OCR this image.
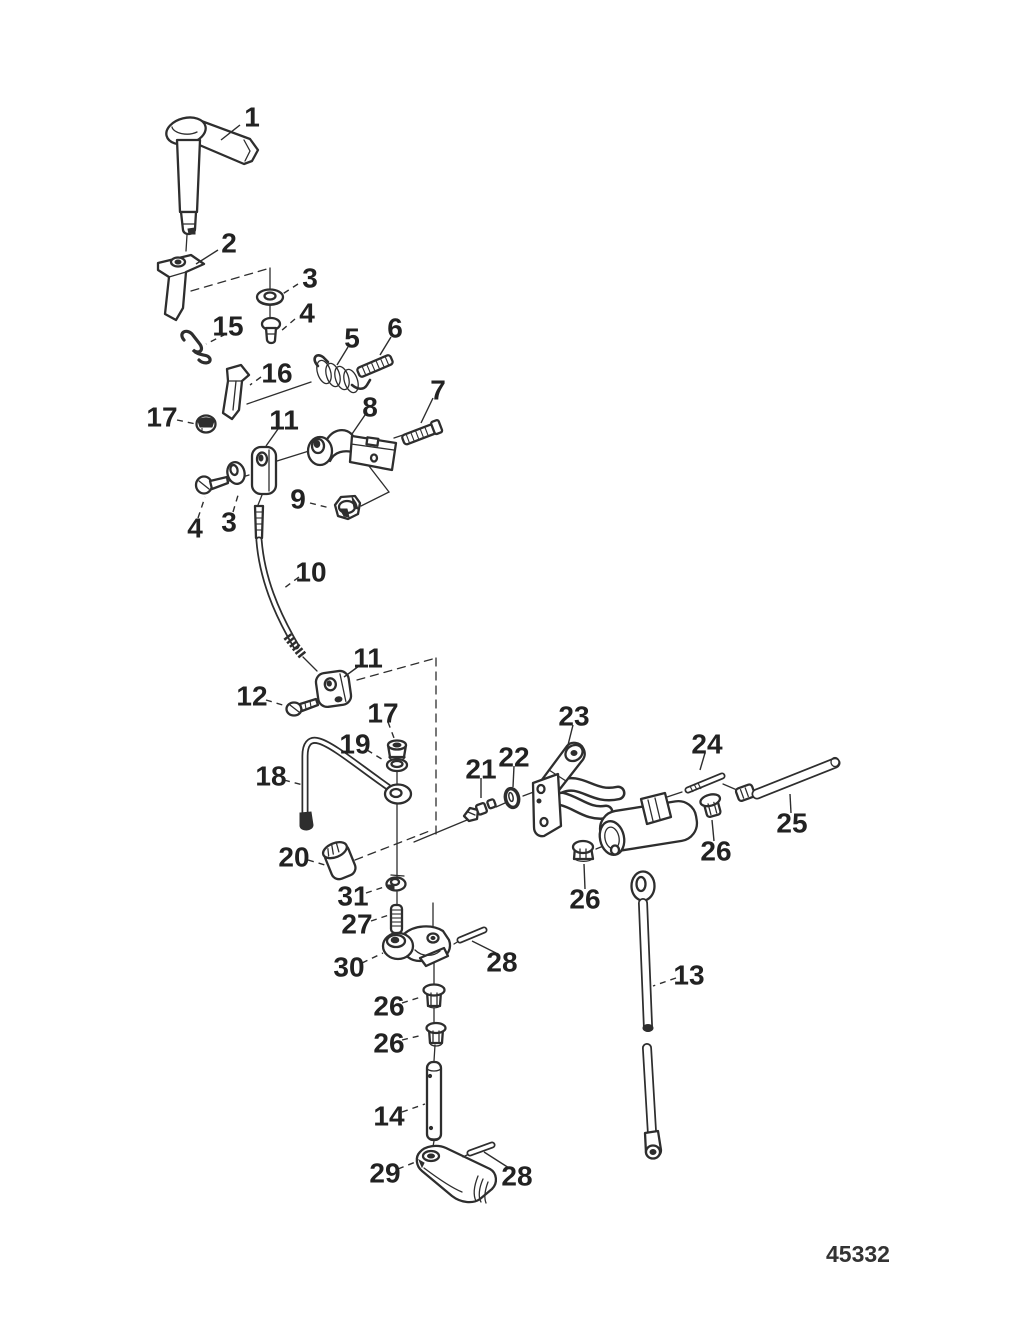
1
2
3
4
15	5 6
16
17	11 8
7
4 3
9
10
11
12
17
19
18	21 22
23
24
25
26
20
31
27
30	28
26
26
26
13
14
29	28
45332
